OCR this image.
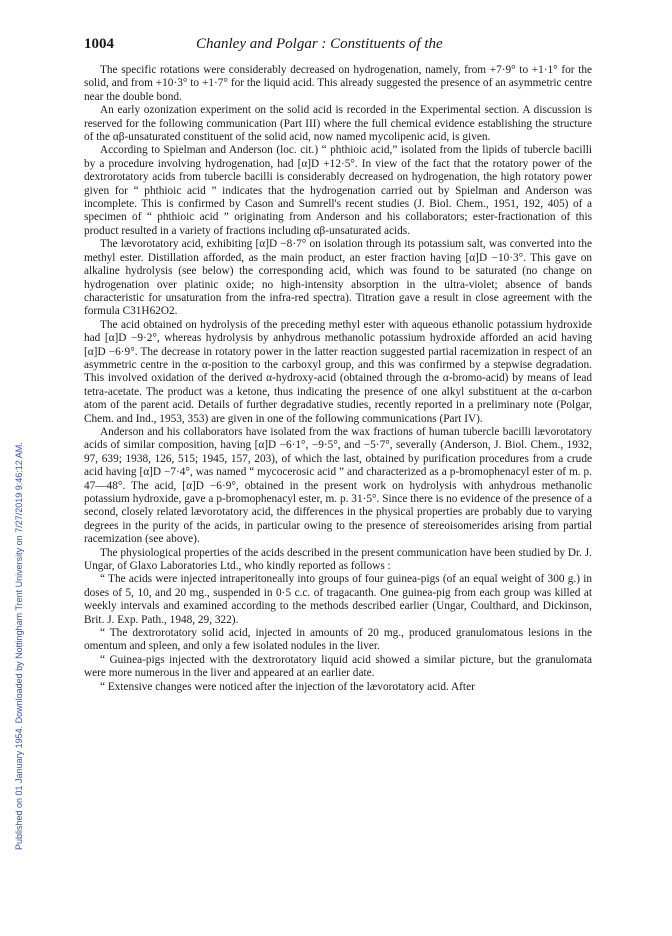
Published on 01 January 1954. Downloaded by Nottingham Trent University on 7/27/2019 9:46:12 AM.
1004	Chanley and Polgar : Constituents of the

The specific rotations were considerably decreased on hydrogenation, namely, from +7·9° to +1·1° for the solid, and from +10·3° to +1·7° for the liquid acid. This already suggested the presence of an asymmetric centre near the double bond.

An early ozonization experiment on the solid acid is recorded in the Experimental section. A discussion is reserved for the following communication (Part III) where the full chemical evidence establishing the structure of the αβ-unsaturated constituent of the solid acid, now named mycolipenic acid, is given.

According to Spielman and Anderson (loc. cit.) “ phthioic acid,” isolated from the lipids of tubercle bacilli by a procedure involving hydrogenation, had [α]D +12·5°. In view of the fact that the rotatory power of the dextrorotatory acids from tubercle bacilli is considerably decreased on hydrogenation, the high rotatory power given for “ phthioic acid ” indicates that the hydrogenation carried out by Spielman and Anderson was incomplete. This is confirmed by Cason and Sumrell's recent studies (J. Biol. Chem., 1951, 192, 405) of a specimen of “ phthioic acid ” originating from Anderson and his collaborators; ester-fractionation of this product resulted in a variety of fractions including αβ-unsaturated acids.

The lævorotatory acid, exhibiting [α]D −8·7° on isolation through its potassium salt, was converted into the methyl ester. Distillation afforded, as the main product, an ester fraction having [α]D −10·3°. This gave on alkaline hydrolysis (see below) the corresponding acid, which was found to be saturated (no change on hydrogenation over platinic oxide; no high-intensity absorption in the ultra-violet; absence of bands characteristic for unsaturation from the infra-red spectra). Titration gave a result in close agreement with the formula C31H62O2.

The acid obtained on hydrolysis of the preceding methyl ester with aqueous ethanolic potassium hydroxide had [α]D −9·2°, whereas hydrolysis by anhydrous methanolic potassium hydroxide afforded an acid having [α]D −6·9°. The decrease in rotatory power in the latter reaction suggested partial racemization in respect of an asymmetric centre in the α-position to the carboxyl group, and this was confirmed by a stepwise degradation. This involved oxidation of the derived α-hydroxy-acid (obtained through the α-bromo-acid) by means of lead tetra-acetate. The product was a ketone, thus indicating the presence of one alkyl substituent at the α-carbon atom of the parent acid. Details of further degradative studies, recently reported in a preliminary note (Polgar, Chem. and Ind., 1953, 353) are given in one of the following communications (Part IV).

Anderson and his collaborators have isolated from the wax fractions of human tubercle bacilli lævorotatory acids of similar composition, having [α]D −6·1°, −9·5°, and −5·7°, severally (Anderson, J. Biol. Chem., 1932, 97, 639; 1938, 126, 515; 1945, 157, 203), of which the last, obtained by purification procedures from a crude acid having [α]D −7·4°, was named “ mycocerosic acid ” and characterized as a p-bromophenacyl ester of m. p. 47—48°. The acid, [α]D −6·9°, obtained in the present work on hydrolysis with anhydrous methanolic potassium hydroxide, gave a p-bromophenacyl ester, m. p. 31·5°. Since there is no evidence of the presence of a second, closely related lævorotatory acid, the differences in the physical properties are probably due to varying degrees in the purity of the acids, in particular owing to the presence of stereoisomerides arising from partial racemization (see above).

The physiological properties of the acids described in the present communication have been studied by Dr. J. Ungar, of Glaxo Laboratories Ltd., who kindly reported as follows :

“ The acids were injected intraperitoneally into groups of four guinea-pigs (of an equal weight of 300 g.) in doses of 5, 10, and 20 mg., suspended in 0·5 c.c. of tragacanth. One guinea-pig from each group was killed at weekly intervals and examined according to the methods described earlier (Ungar, Coulthard, and Dickinson, Brit. J. Exp. Path., 1948, 29, 322).

“ The dextrorotatory solid acid, injected in amounts of 20 mg., produced granulomatous lesions in the omentum and spleen, and only a few isolated nodules in the liver.

“ Guinea-pigs injected with the dextrorotatory liquid acid showed a similar picture, but the granulomata were more numerous in the liver and appeared at an earlier date.

“ Extensive changes were noticed after the injection of the lævorotatory acid. After
